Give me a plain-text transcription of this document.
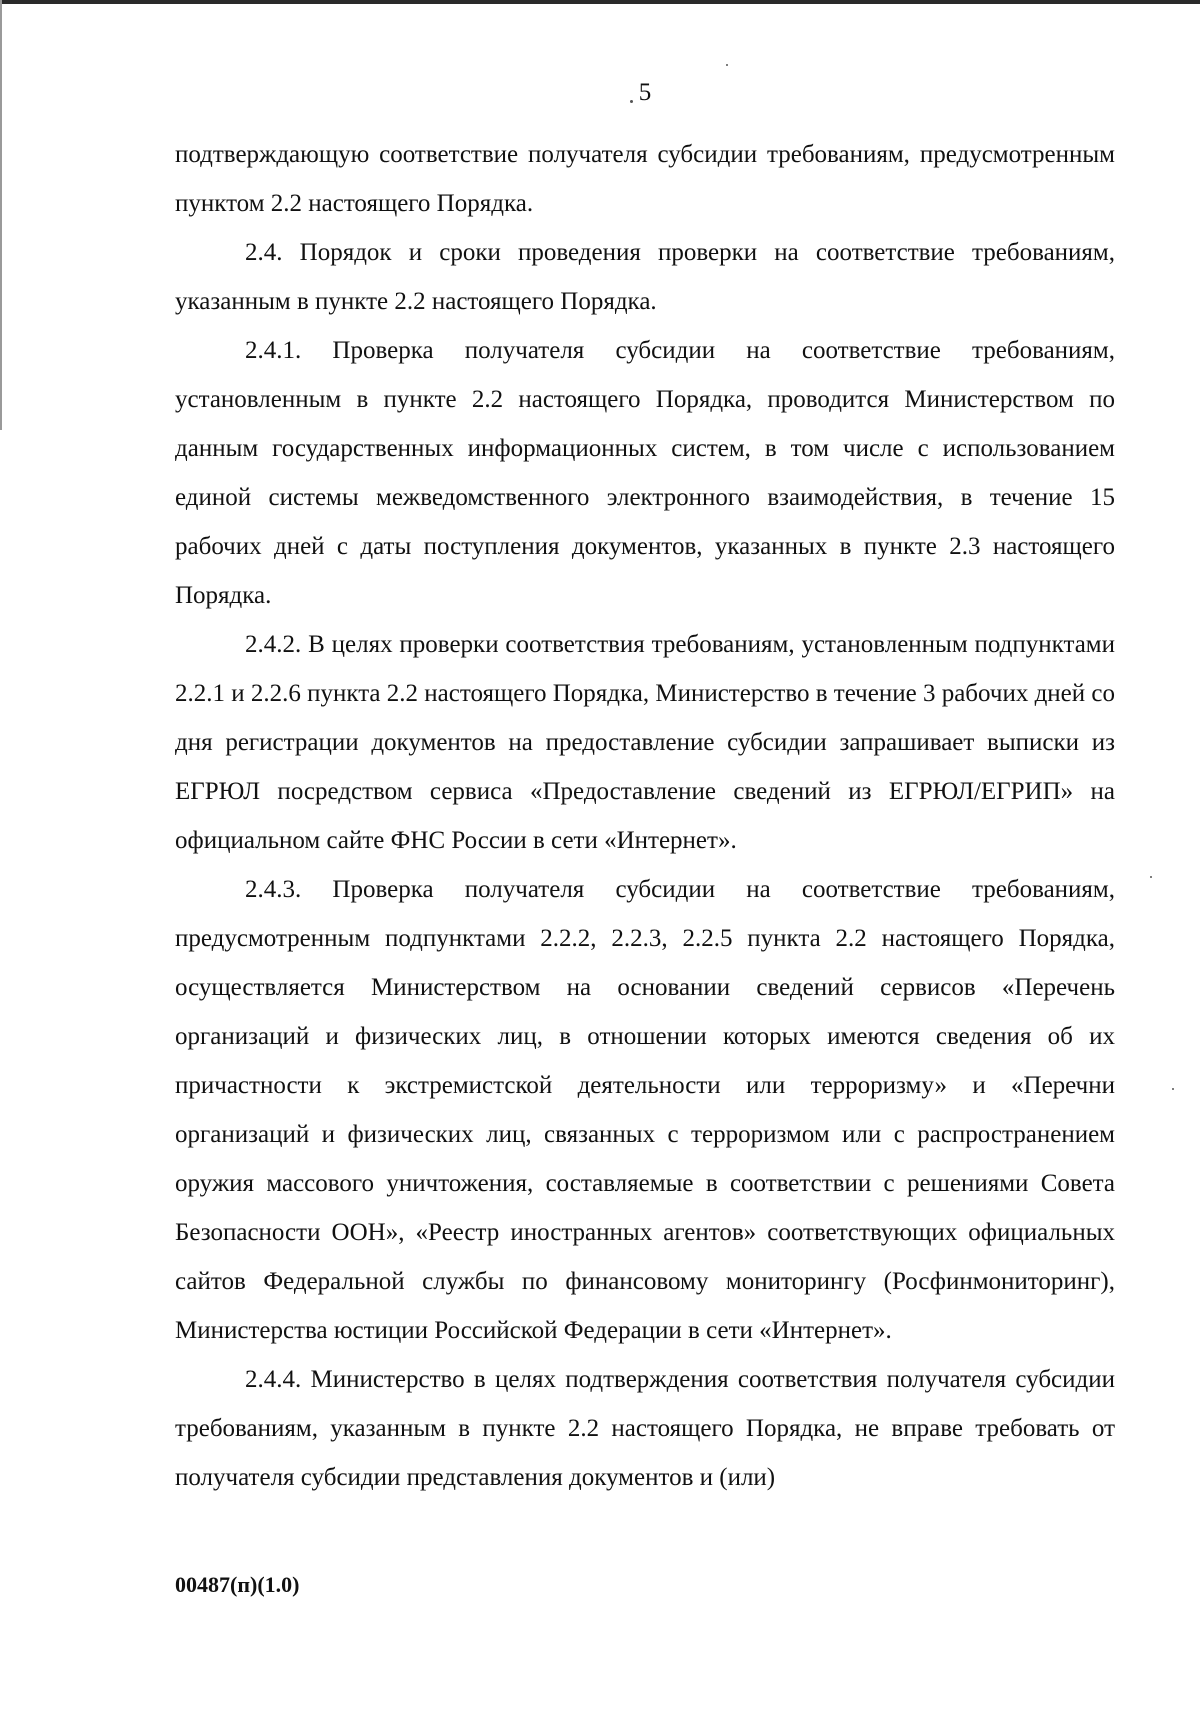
5

подтверждающую соответствие получателя субсидии требованиям, предусмотренным пунктом 2.2 настоящего Порядка.

2.4. Порядок и сроки проведения проверки на соответствие требованиям, указанным в пункте 2.2 настоящего Порядка.

2.4.1. Проверка получателя субсидии на соответствие требованиям, установленным в пункте 2.2 настоящего Порядка, проводится Министерством по данным государственных информационных систем, в том числе с использованием единой системы межведомственного электронного взаимодействия, в течение 15 рабочих дней с даты поступления документов, указанных в пункте 2.3 настоящего Порядка.

2.4.2. В целях проверки соответствия требованиям, установленным подпунктами 2.2.1 и 2.2.6 пункта 2.2 настоящего Порядка, Министерство в течение 3 рабочих дней со дня регистрации документов на предоставление субсидии запрашивает выписки из ЕГРЮЛ посредством сервиса «Предоставление сведений из ЕГРЮЛ/ЕГРИП» на официальном сайте ФНС России в сети «Интернет».

2.4.3. Проверка получателя субсидии на соответствие требованиям, предусмотренным подпунктами 2.2.2, 2.2.3, 2.2.5 пункта 2.2 настоящего Порядка, осуществляется Министерством на основании сведений сервисов «Перечень организаций и физических лиц, в отношении которых имеются сведения об их причастности к экстремистской деятельности или терроризму» и «Перечни организаций и физических лиц, связанных с терроризмом или с распространением оружия массового уничтожения, составляемые в соответствии с решениями Совета Безопасности ООН», «Реестр иностранных агентов» соответствующих официальных сайтов Федеральной службы по финансовому мониторингу (Росфинмониторинг), Министерства юстиции Российской Федерации в сети «Интернет».

2.4.4. Министерство в целях подтверждения соответствия получателя субсидии требованиям, указанным в пункте 2.2 настоящего Порядка, не вправе требовать от получателя субсидии представления документов и (или)

00487(п)(1.0)
